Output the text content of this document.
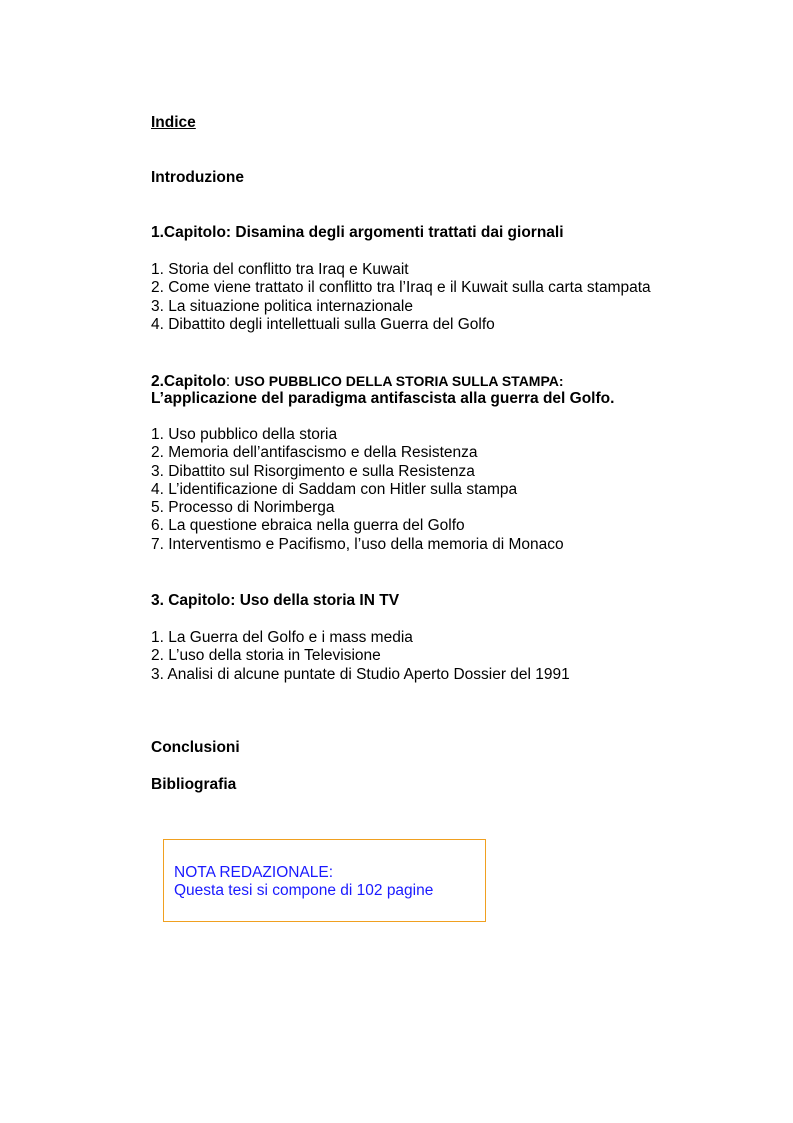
Indice

Introduzione

1.Capitolo: Disamina degli argomenti trattati dai giornali

1. Storia del conflitto tra Iraq e Kuwait
2. Come viene trattato il conflitto tra l’Iraq e il Kuwait sulla carta stampata
3. La situazione politica internazionale
4. Dibattito degli intellettuali sulla Guerra del Golfo

2.Capitolo: USO PUBBLICO DELLA STORIA SULLA STAMPA:

L’applicazione del paradigma antifascista alla guerra del Golfo.

1. Uso pubblico della storia
2. Memoria dell’antifascismo e della Resistenza
3. Dibattito sul Risorgimento e sulla Resistenza
4. L’identificazione di Saddam con Hitler sulla stampa
5. Processo di Norimberga
6. La questione ebraica nella guerra del Golfo
7. Interventismo e Pacifismo, l’uso della memoria di Monaco

3. Capitolo: Uso della storia IN TV

1. La Guerra del Golfo e i mass media
2. L’uso della storia in Televisione
3. Analisi di alcune puntate di Studio Aperto Dossier del 1991

Conclusioni

Bibliografia

NOTA REDAZIONALE:
Questa tesi si compone di 102 pagine
